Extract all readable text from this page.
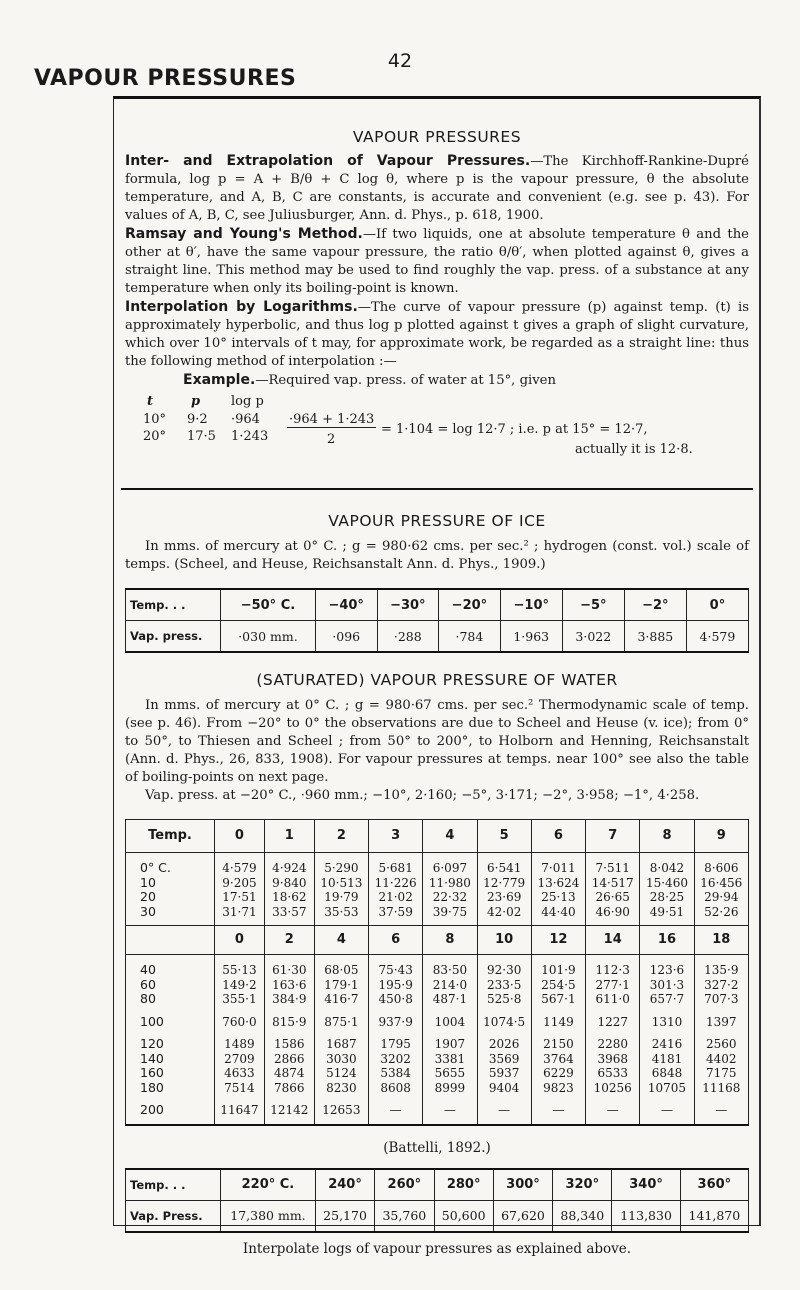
42
VAPOUR PRESSURES
VAPOUR PRESSURES

Inter- and Extrapolation of Vapour Pressures.—The Kirchhoff-Rankine-Dupré formula, log p = A + B/θ + C log θ, where p is the vapour pressure, θ the absolute temperature, and A, B, C are constants, is accurate and convenient (e.g. see p. 43). For values of A, B, C, see Juliusburger, Ann. d. Phys., p. 618, 1900.

Ramsay and Young's Method.—If two liquids, one at absolute temperature θ and the other at θ′, have the same vapour pressure, the ratio θ/θ′, when plotted against θ, gives a straight line. This method may be used to find roughly the vap. press. of a substance at any temperature when only its boiling-point is known.

Interpolation by Logarithms.—The curve of vapour pressure (p) against temp. (t) is approximately hyperbolic, and thus log p plotted against t gives a graph of slight curvature, which over 10° intervals of t may, for approximate work, be regarded as a straight line: thus the following method of interpolation :—

Example.—Required vap. press. of water at 15°, given

t	p log p
10° 9·2 ·964
20° 17·5 1·243
·964 + 1·243
2
= 1·104 = log 12·7 ; i.e. p at 15° = 12·7,
actually it is 12·8.
VAPOUR PRESSURE OF ICE

In mms. of mercury at 0° C. ; g = 980·62 cms. per sec.² ; hydrogen (const. vol.) scale of temps. (Scheel, and Heuse, Reichsanstalt Ann. d. Phys., 1909.)

Temp. . .	−50° C.	−40°	−30°	−20°	−10°	−5°	−2°	0°
Vap. press.	·030 mm.	·096	·288	·784	1·963	3·022	3·885	4·579
(SATURATED) VAPOUR PRESSURE OF WATER

In mms. of mercury at 0° C. ; g = 980·67 cms. per sec.² Thermodynamic scale of temp. (see p. 46). From −20° to 0° the observations are due to Scheel and Heuse (v. ice); from 0° to 50°, to Thiesen and Scheel ; from 50° to 200°, to Holborn and Henning, Reichsanstalt (Ann. d. Phys., 26, 833, 1908). For vapour pressures at temps. near 100° see also the table of boiling-points on next page.

Vap. press. at −20° C., ·960 mm.; −10°, 2·160; −5°, 3·171; −2°, 3·958; −1°, 4·258.

Temp.	0	1	2	3	4	5	6	7	8	9
0° C.	4·579	4·924	5·290	5·681	6·097	6·541	7·011	7·511	8·042	8·606
10	9·205	9·840	10·513	11·226	11·980	12·779	13·624	14·517	15·460	16·456
20	17·51	18·62	19·79	21·02	22·32	23·69	25·13	26·65	28·25	29·94
30	31·71	33·57	35·53	37·59	39·75	42·02	44·40	46·90	49·51	52·26
	0	2	4	6	8	10	12	14	16	18
40	55·13	61·30	68·05	75·43	83·50	92·30	101·9	112·3	123·6	135·9
60	149·2	163·6	179·1	195·9	214·0	233·5	254·5	277·1	301·3	327·2
80	355·1	384·9	416·7	450·8	487·1	525·8	567·1	611·0	657·7	707·3
100	760·0	815·9	875·1	937·9	1004	1074·5	1149	1227	1310	1397
120	1489	1586	1687	1795	1907	2026	2150	2280	2416	2560
140	2709	2866	3030	3202	3381	3569	3764	3968	4181	4402
160	4633	4874	5124	5384	5655	5937	6229	6533	6848	7175
180	7514	7866	8230	8608	8999	9404	9823	10256	10705	11168
200	11647	12142	12653	—	—	—	—	—	—	—
(Battelli, 1892.)
Temp. . .	220° C.	240°	260°	280°	300°	320°	340°	360°
Vap. Press.	17,380 mm.	25,170	35,760	50,600	67,620	88,340	113,830	141,870
Interpolate logs of vapour pressures as explained above.
